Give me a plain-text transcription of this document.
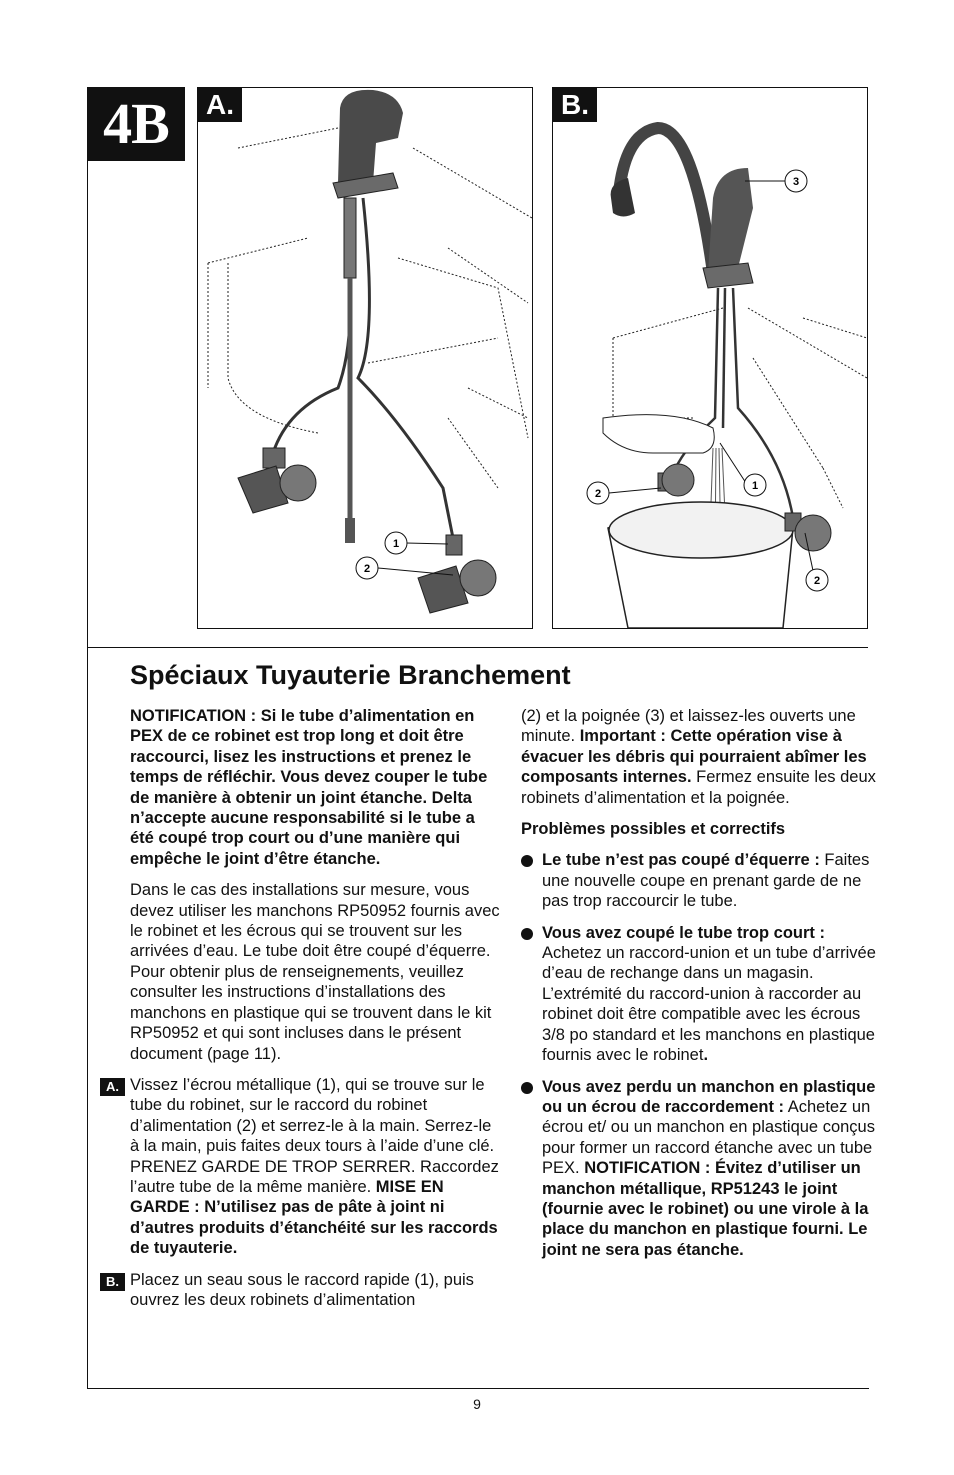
4B	A.
1
2
B.
3
1
2
2
Spéciaux Tuyauterie Branchement

NOTIFICATION : Si le tube d’alimentation en PEX de ce robinet est trop long et doit être raccourci, lisez les instructions et prenez le temps de réfléchir. Vous devez couper le tube de manière à obtenir un joint étanche. Delta n’accepte aucune responsabilité si le tube a été coupé trop court ou d’une manière qui empêche le joint d’être étanche.

Dans le cas des installations sur mesure, vous devez utiliser les manchons RP50952 fournis avec le robinet et les écrous qui se trouvent sur les arrivées d’eau. Le tube doit être coupé d’équerre. Pour obtenir plus de renseignements, veuillez consulter les instructions d’installations des manchons en plastique qui se trouvent dans le kit RP50952 et qui sont incluses dans le présent document (page 11).

A. Vissez l’écrou métallique (1), qui se trouve sur le tube du robinet, sur le raccord du robinet d’alimentation (2) et serrez-le à la main. Serrez-le à la main, puis faites deux tours à l’aide d’une clé. PRENEZ GARDE DE TROP SERRER. Raccordez l’autre tube de la même manière. MISE EN GARDE : N’utilisez pas de pâte à joint ni d’autres produits d’étanchéité sur les raccords de tuyauterie.

B. Placez un seau sous le raccord rapide (1), puis ouvrez les deux robinets d’alimentation

(2) et la poignée (3) et laissez-les ouverts une minute. Important : Cette opération vise à évacuer les débris qui pourraient abîmer les composants internes. Fermez ensuite les deux robinets d’alimentation et la poignée.

Problèmes possibles et correctifs

Le tube n’est pas coupé d’équerre : Faites une nouvelle coupe en prenant garde de ne pas trop raccourcir le tube.

Vous avez coupé le tube trop court : Achetez un raccord-union et un tube d’arrivée d’eau de rechange dans un magasin. L’extrémité du raccord-union à raccorder au robinet doit être compatible avec les écrous 3/8 po standard et les manchons en plastique fournis avec le robinet.

Vous avez perdu un manchon en plastique ou un écrou de raccordement : Achetez un écrou et/ ou un manchon en plastique conçus pour former un raccord étanche avec un tube PEX. NOTIFICATION : Évitez d’utiliser un manchon métallique, RP51243 le joint (fournie avec le robinet) ou une virole à la place du manchon en plastique fourni. Le joint ne sera pas étanche.

9
